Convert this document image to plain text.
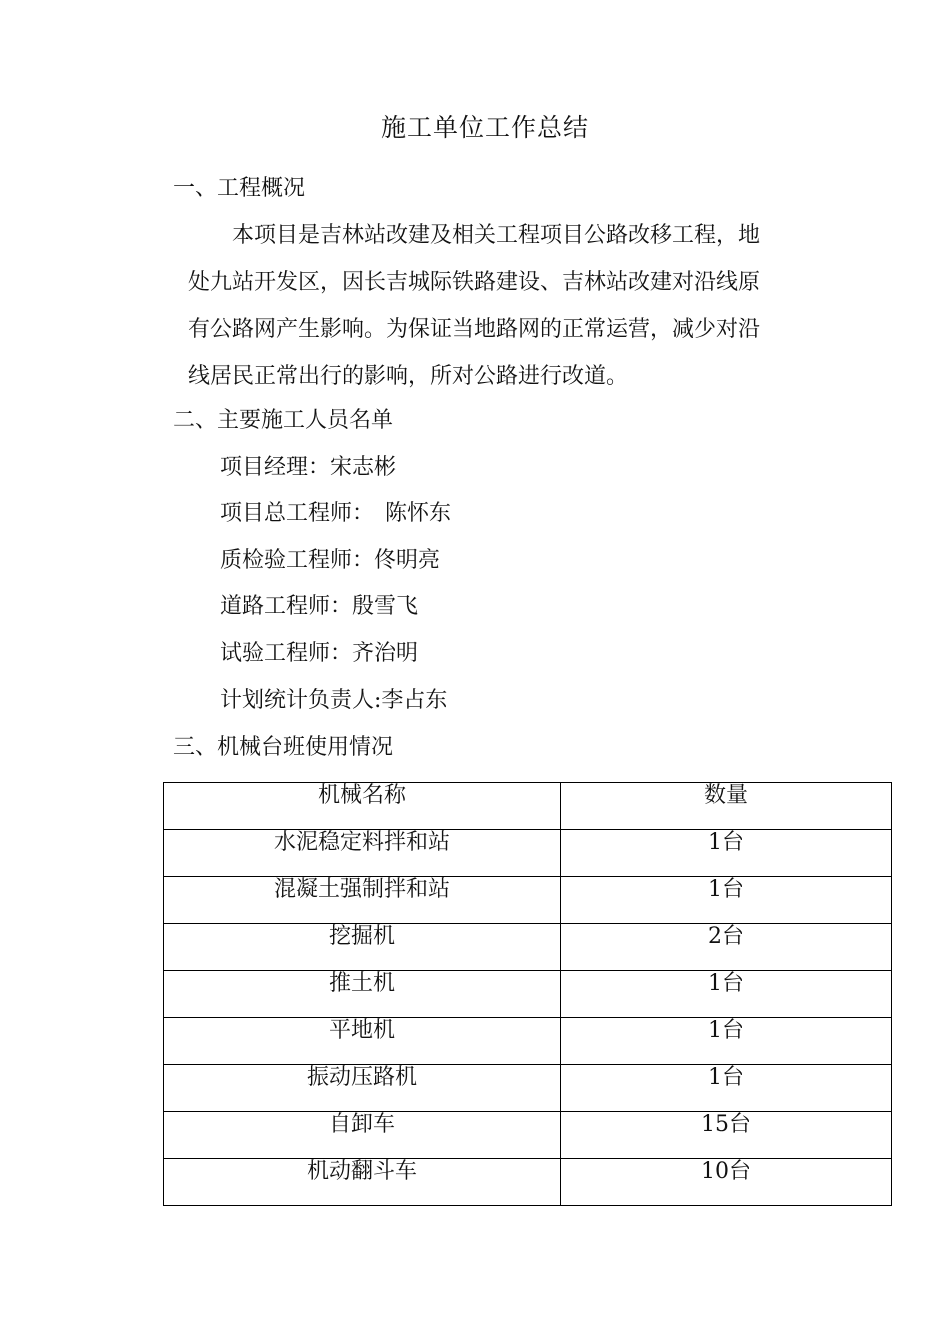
施工单位工作总结
一、工程概况

本项目是吉林站改建及相关工程项目公路改移工程，地

处九站开发区，因长吉城际铁路建设、吉林站改建对沿线原

有公路网产生影响。为保证当地路网的正常运营，减少对沿

线居民正常出行的影响，所对公路进行改道。

二、主要施工人员名单
项目经理：宋志彬
项目总工程师：　陈怀东
质检验工程师：佟明亮
道路工程师：殷雪飞
试验工程师：齐治明
计划统计负责人:李占东
三、机械台班使用情况
机械名称	数量
水泥稳定料拌和站	1台
混凝土强制拌和站	1台
挖掘机	2台
推土机	1台
平地机	1台
振动压路机	1台
自卸车	15台
机动翻斗车	10台
